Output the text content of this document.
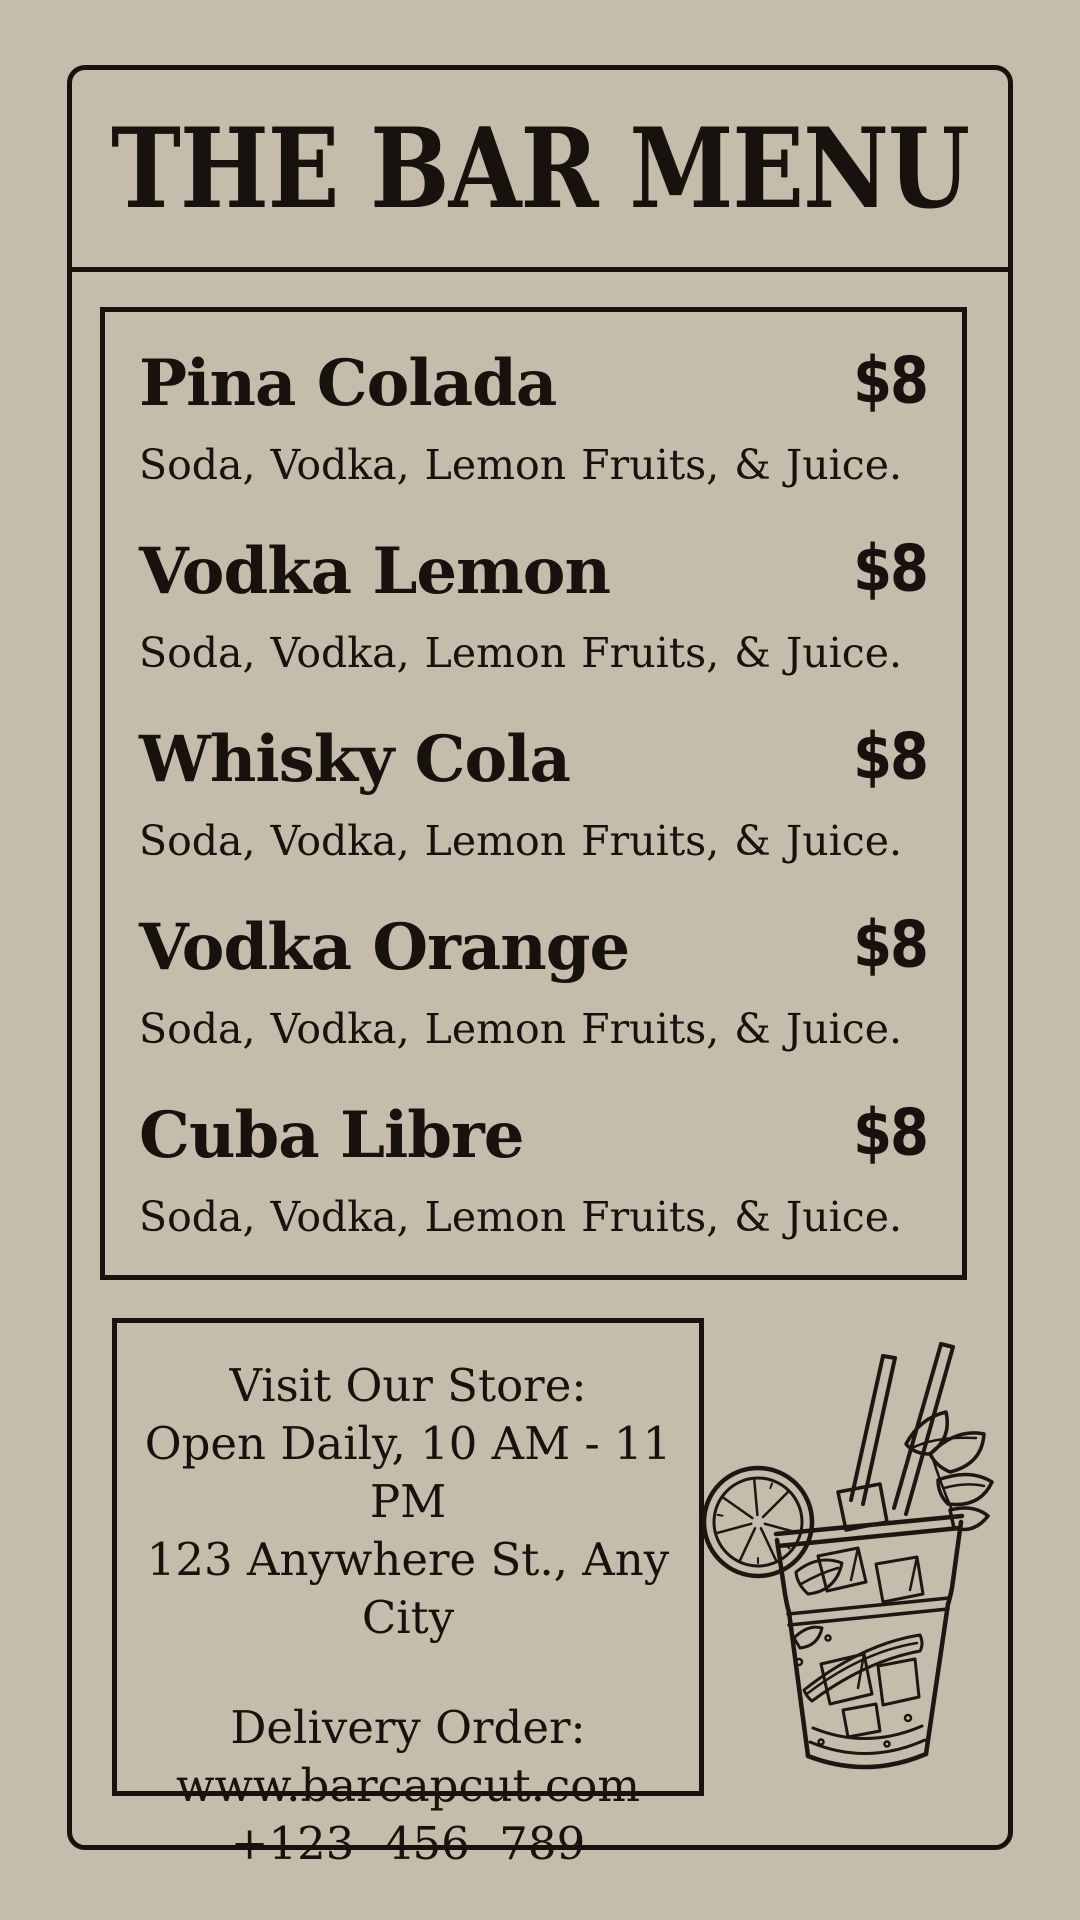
THE BAR MENU
Pina Colada	$8

Soda, Vodka, Lemon Fruits, & Juice.

Vodka Lemon	$8

Soda, Vodka, Lemon Fruits, & Juice.

Whisky Cola	$8

Soda, Vodka, Lemon Fruits, & Juice.

Vodka Orange	$8

Soda, Vodka, Lemon Fruits, & Juice.

Cuba Libre	$8

Soda, Vodka, Lemon Fruits, & Juice.

Visit Our Store:

Open Daily, 10 AM - 11 PM

123 Anywhere St., Any City

Delivery Order:

www.barcapcut.com

+123- 456- 789
